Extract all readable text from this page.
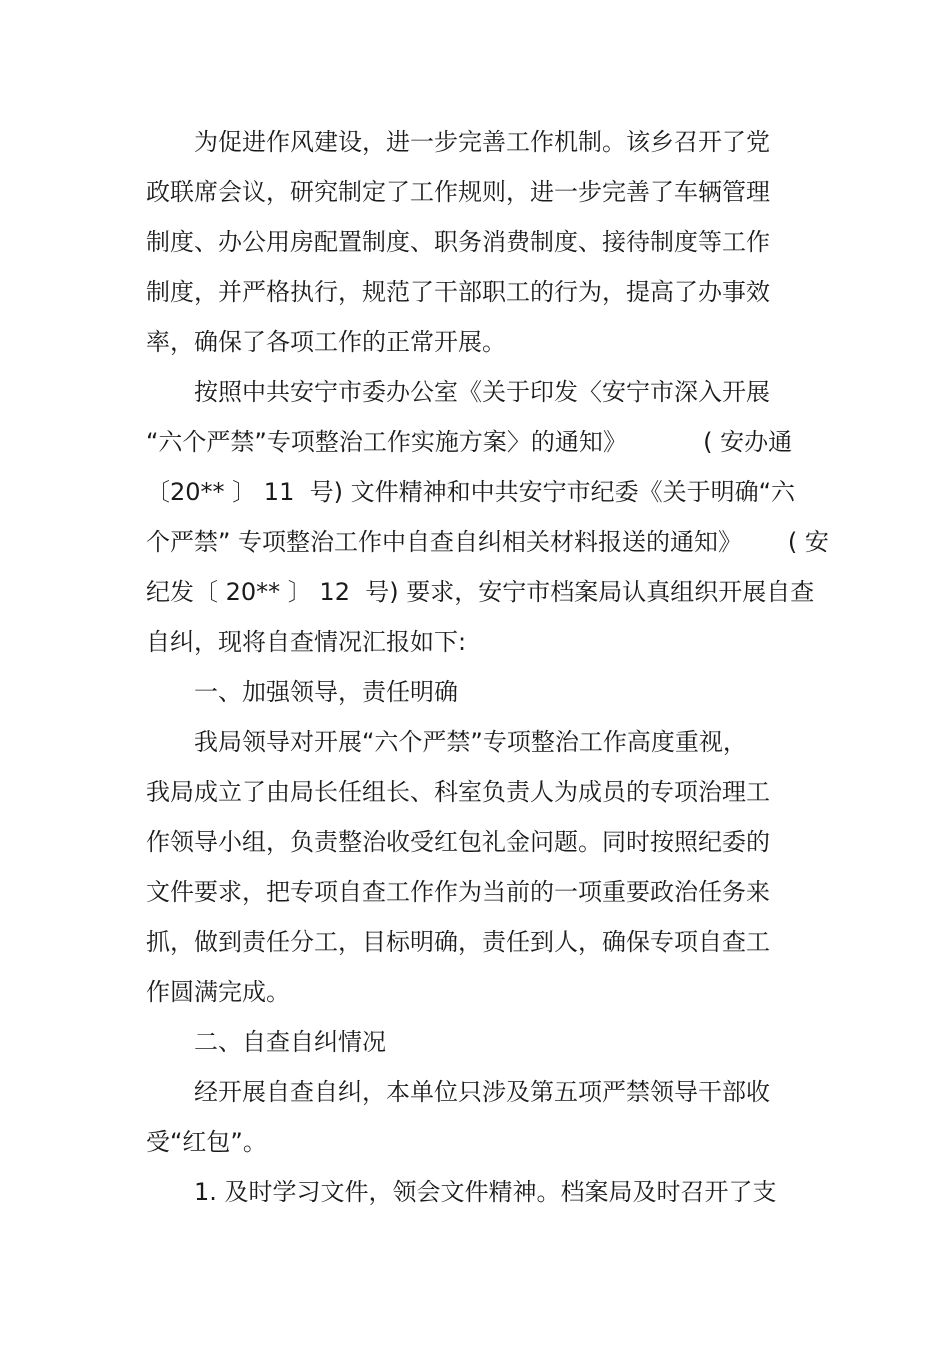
为促进作风建设，进一步完善工作机制。该乡召开了党
政联席会议，研究制定了工作规则，进一步完善了车辆管理
制度、办公用房配置制度、职务消费制度、接待制度等工作
制度，并严格执行，规范了干部职工的行为，提高了办事效
率，确保了各项工作的正常开展。
按照中共安宁市委办公室《关于印发〈安宁市深入开展
“六个严禁”专项整治工作实施方案〉的通知》          ( 安办通
〔20** 〕 11  号) 文件精神和中共安宁市纪委《关于明确“六
个严禁” 专项整治工作中自查自纠相关材料报送的通知》      ( 安
纪发〔 20** 〕 12  号) 要求，安宁市档案局认真组织开展自查
自纠，现将自查情况汇报如下:
一、加强领导，责任明确
我局领导对开展“六个严禁”专项整治工作高度重视，
我局成立了由局长任组长、科室负责人为成员的专项治理工
作领导小组，负责整治收受红包礼金问题。同时按照纪委的
文件要求，把专项自查工作作为当前的一项重要政治任务来
抓，做到责任分工，目标明确，责任到人，确保专项自查工
作圆满完成。
二、自查自纠情况
经开展自查自纠，本单位只涉及第五项严禁领导干部收
受“红包”。
1. 及时学习文件，领会文件精神。档案局及时召开了支
